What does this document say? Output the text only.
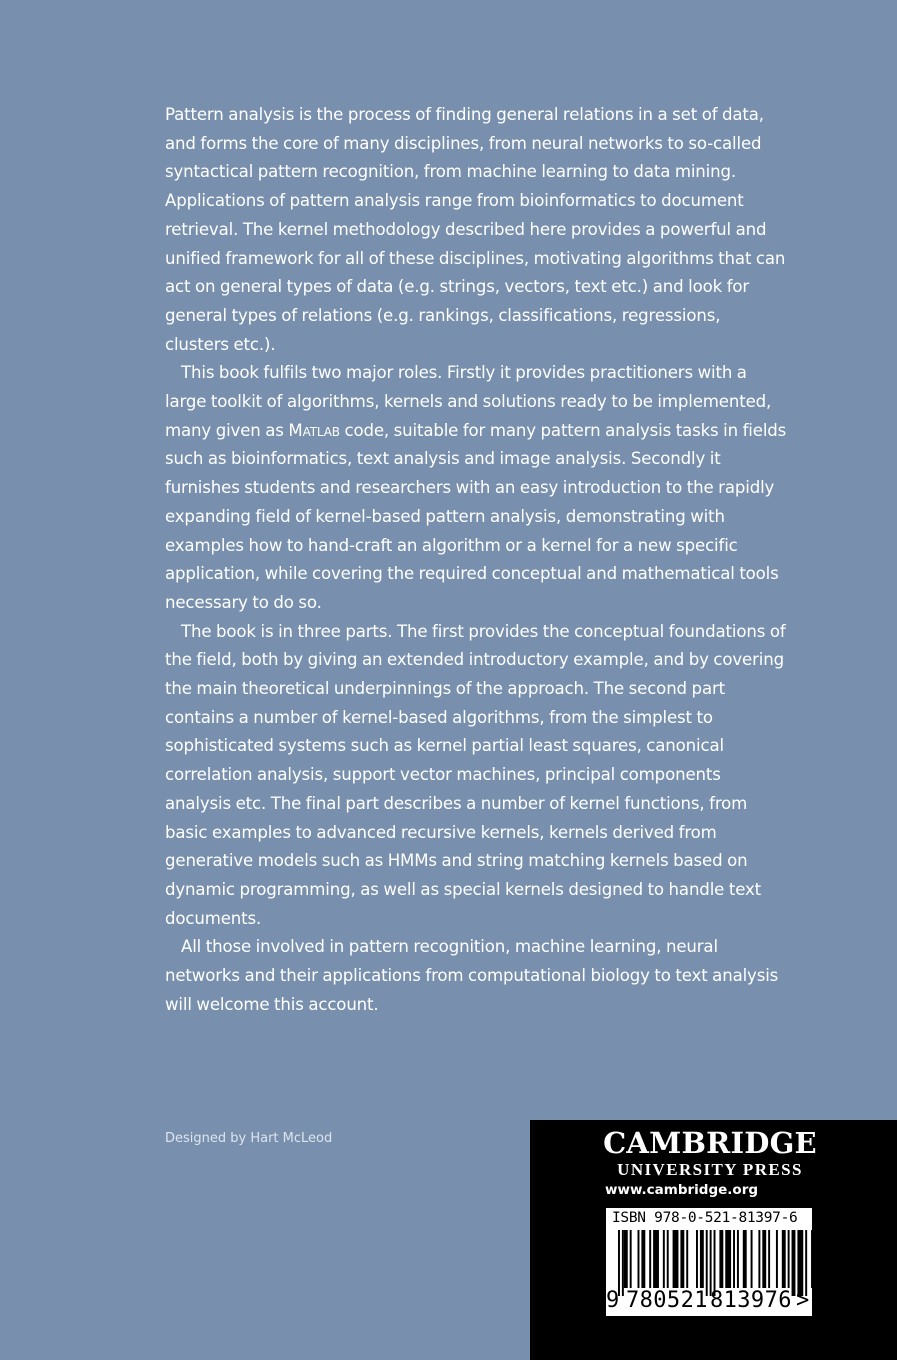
Pattern analysis is the process of finding general relations in a set of data, and forms the core of many disciplines, from neural networks to so-called syntactical pattern recognition, from machine learning to data mining. Applications of pattern analysis range from bioinformatics to document retrieval. The kernel methodology described here provides a powerful and unified framework for all of these disciplines, motivating algorithms that can act on general types of data (e.g. strings, vectors, text etc.) and look for general types of relations (e.g. rankings, classifications, regressions, clusters etc.).

This book fulfils two major roles. Firstly it provides practitioners with a large toolkit of algorithms, kernels and solutions ready to be implemented, many given as Matlab code, suitable for many pattern analysis tasks in fields such as bioinformatics, text analysis and image analysis. Secondly it furnishes students and researchers with an easy introduction to the rapidly expanding field of kernel-based pattern analysis, demonstrating with examples how to hand-craft an algorithm or a kernel for a new specific application, while covering the required conceptual and mathematical tools necessary to do so.

The book is in three parts. The first provides the conceptual foundations of the field, both by giving an extended introductory example, and by covering the main theoretical underpinnings of the approach. The second part contains a number of kernel-based algorithms, from the simplest to sophisticated systems such as kernel partial least squares, canonical correlation analysis, support vector machines, principal components analysis etc. The final part describes a number of kernel functions, from basic examples to advanced recursive kernels, kernels derived from generative models such as HMMs and string matching kernels based on dynamic programming, as well as special kernels designed to handle text documents.

All those involved in pattern recognition, machine learning, neural networks and their applications from computational biology to text analysis will welcome this account.

Designed by Hart McLeod	CAMBRIDGE
UNIVERSITY PRESS
www.cambridge.org
ISBN 978-0-521-81397-6
9 780521 813976 >
